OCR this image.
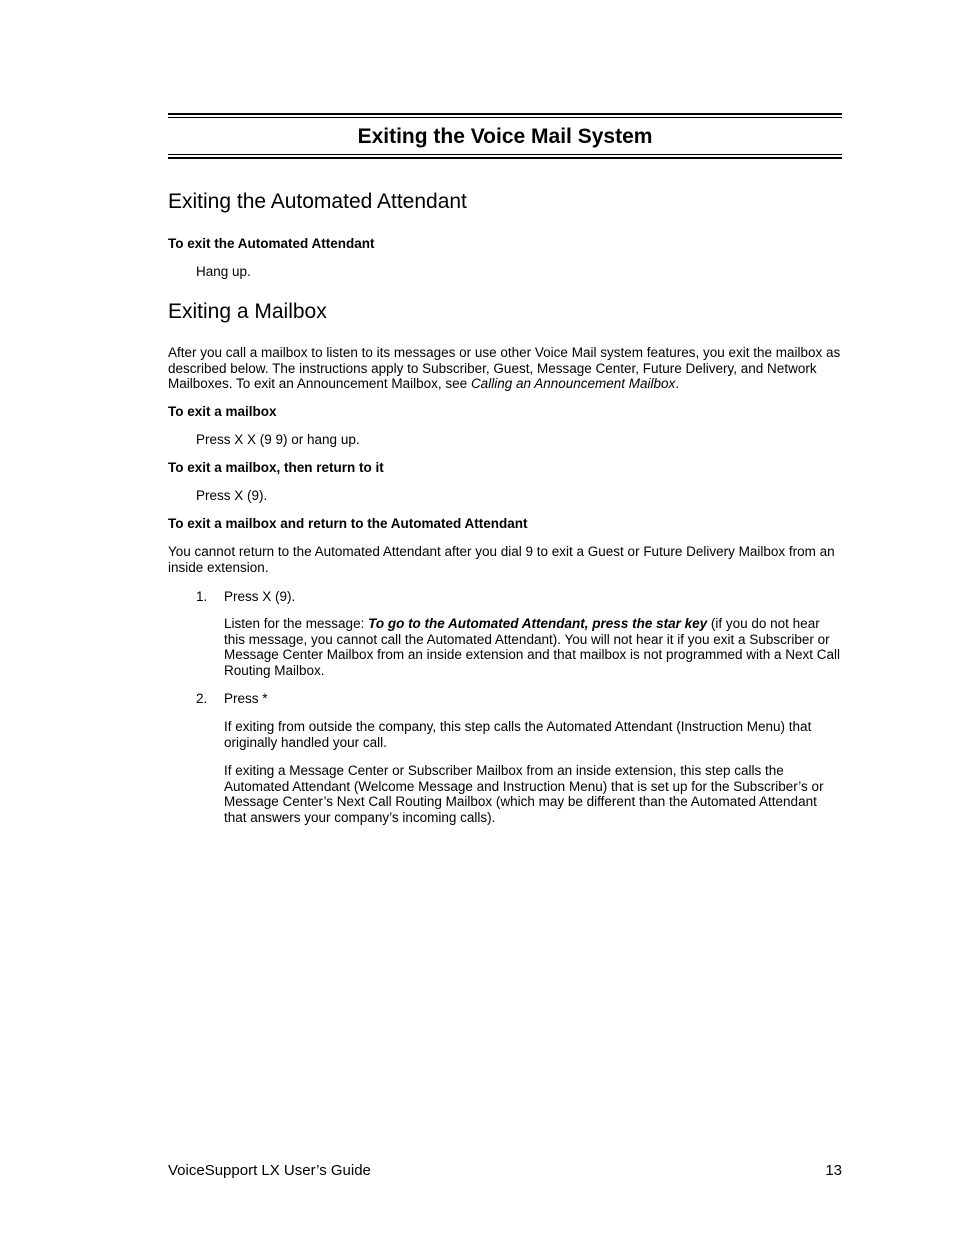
Exiting the Voice Mail System
Exiting the Automated Attendant
To exit the Automated Attendant
Hang up.
Exiting a Mailbox
After you call a mailbox to listen to its messages or use other Voice Mail system features, you exit the mailbox as described below. The instructions apply to Subscriber, Guest, Message Center, Future Delivery, and Network Mailboxes. To exit an Announcement Mailbox, see Calling an Announcement Mailbox.
To exit a mailbox
Press X X (9 9) or hang up.
To exit a mailbox, then return to it
Press X (9).
To exit a mailbox and return to the Automated Attendant
You cannot return to the Automated Attendant after you dial 9 to exit a Guest or Future Delivery Mailbox from an inside extension.
1. Press X (9).
Listen for the message: To go to the Automated Attendant, press the star key (if you do not hear this message, you cannot call the Automated Attendant). You will not hear it if you exit a Subscriber or Message Center Mailbox from an inside extension and that mailbox is not programmed with a Next Call Routing Mailbox.
2. Press *
If exiting from outside the company, this step calls the Automated Attendant (Instruction Menu) that originally handled your call.
If exiting a Message Center or Subscriber Mailbox from an inside extension, this step calls the Automated Attendant (Welcome Message and Instruction Menu) that is set up for the Subscriber’s or Message Center’s Next Call Routing Mailbox (which may be different than the Automated Attendant that answers your company’s incoming calls).
VoiceSupport LX User’s Guide	13
